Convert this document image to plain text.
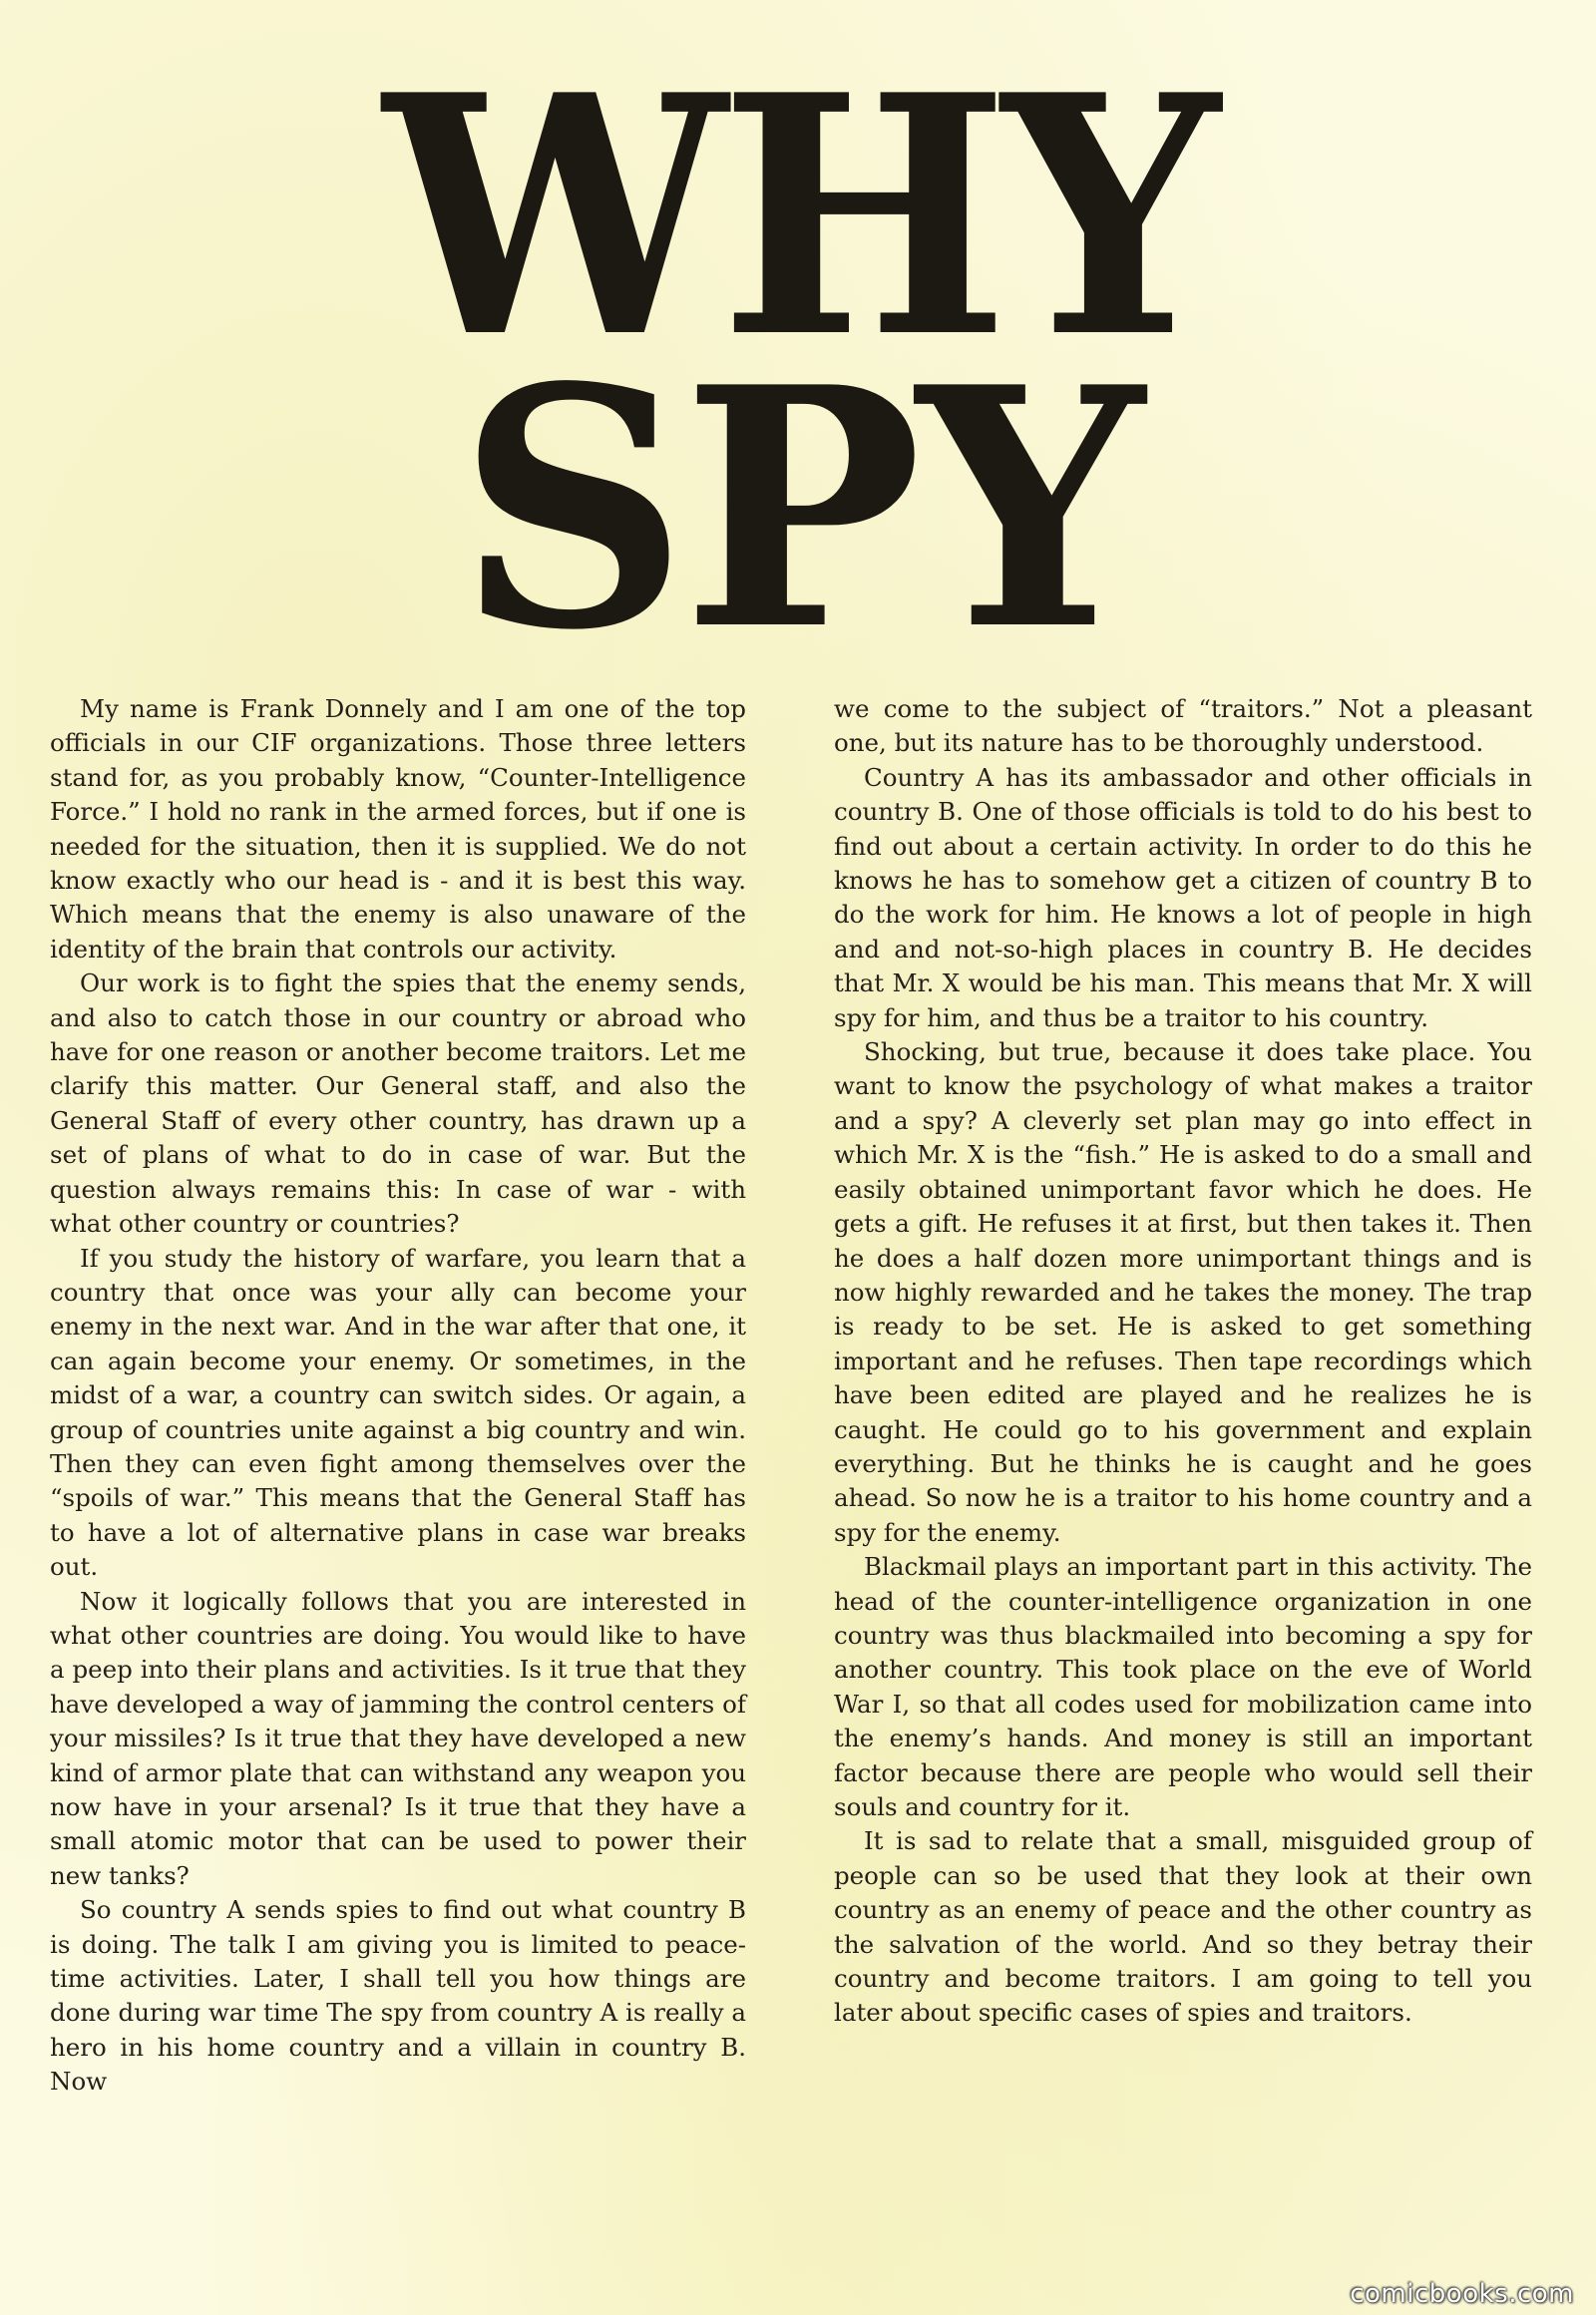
WHY
SPY

My name is Frank Donnely and I am one of the top officials in our CIF organizations. Those three letters stand for, as you probably know, “Counter-Intelligence Force.” I hold no rank in the armed forces, but if one is needed for the situation, then it is supplied. We do not know exactly who our head is - and it is best this way. Which means that the enemy is also unaware of the identity of the brain that controls our activity.

Our work is to fight the spies that the enemy sends, and also to catch those in our country or abroad who have for one reason or another become traitors. Let me clarify this matter. Our General staff, and also the General Staff of every other country, has drawn up a set of plans of what to do in case of war. But the question always remains this: In case of war - with what other country or countries?

If you study the history of warfare, you learn that a country that once was your ally can become your enemy in the next war. And in the war after that one, it can again become your enemy. Or sometimes, in the midst of a war, a country can switch sides. Or again, a group of countries unite against a big country and win. Then they can even fight among themselves over the “spoils of war.” This means that the General Staff has to have a lot of alternative plans in case war breaks out.

Now it logically follows that you are interested in what other countries are doing. You would like to have a peep into their plans and activities. Is it true that they have developed a way of jamming the control centers of your missiles? Is it true that they have developed a new kind of armor plate that can withstand any weapon you now have in your arsenal? Is it true that they have a small atomic motor that can be used to power their new tanks?

So country A sends spies to find out what country B is doing. The talk I am giving you is limited to peace-time activities. Later, I shall tell you how things are done during war time The spy from country A is really a hero in his home country and a villain in country B. Now

we come to the subject of “traitors.” Not a pleasant one, but its nature has to be thoroughly understood.

Country A has its ambassador and other officials in country B. One of those officials is told to do his best to find out about a certain activity. In order to do this he knows he has to somehow get a citizen of country B to do the work for him. He knows a lot of people in high and and not-so-high places in country B. He decides that Mr. X would be his man. This means that Mr. X will spy for him, and thus be a traitor to his country.

Shocking, but true, because it does take place. You want to know the psychology of what makes a traitor and a spy? A cleverly set plan may go into effect in which Mr. X is the “fish.” He is asked to do a small and easily obtained unimportant favor which he does. He gets a gift. He refuses it at first, but then takes it. Then he does a half dozen more unimportant things and is now highly rewarded and he takes the money. The trap is ready to be set. He is asked to get something important and he refuses. Then tape recordings which have been edited are played and he realizes he is caught. He could go to his government and explain everything. But he thinks he is caught and he goes ahead. So now he is a traitor to his home country and a spy for the enemy.

Blackmail plays an important part in this activity. The head of the counter-intelligence organization in one country was thus blackmailed into becoming a spy for another country. This took place on the eve of World War I, so that all codes used for mobilization came into the enemy’s hands. And money is still an important factor because there are people who would sell their souls and country for it.

It is sad to relate that a small, misguided group of people can so be used that they look at their own country as an enemy of peace and the other country as the salvation of the world. And so they betray their country and become traitors. I am going to tell you later about specific cases of spies and traitors.

comicbooks.com
